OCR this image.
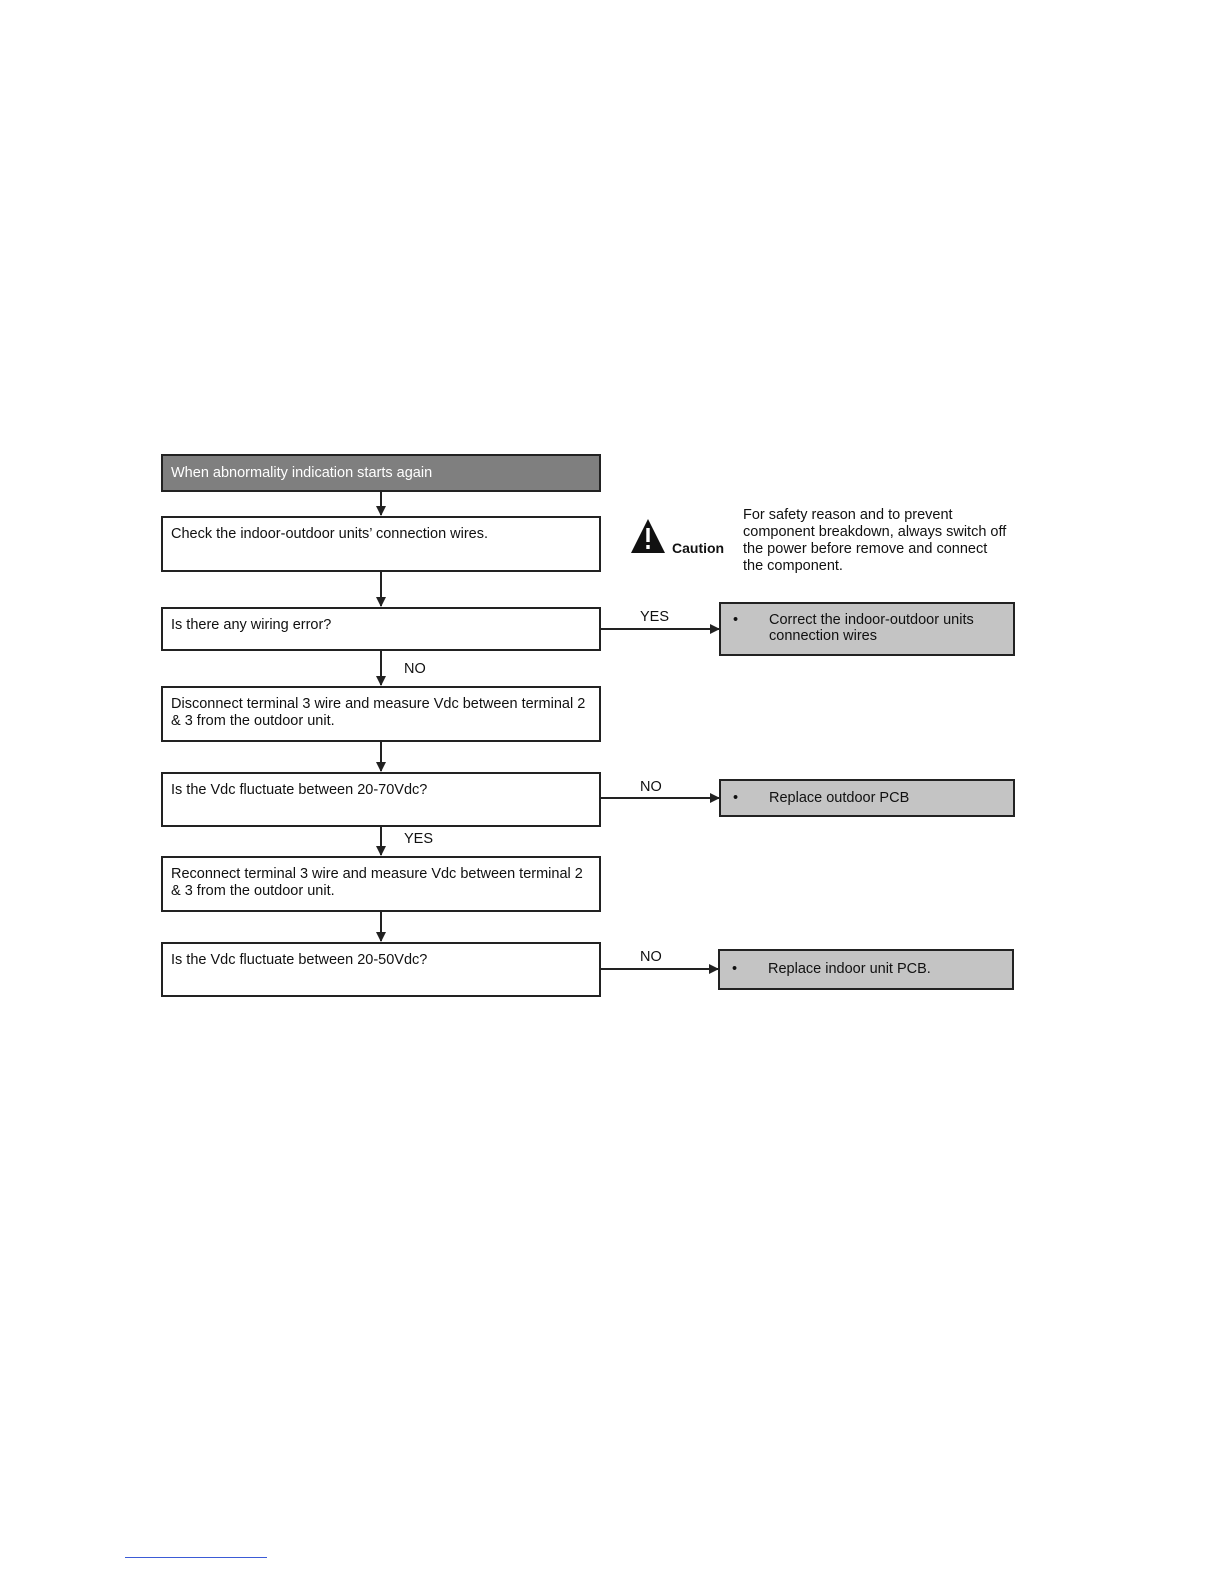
When abnormality indication starts again
Check the indoor-outdoor units’ connection wires.
Is there any wiring error?
Disconnect terminal 3 wire and measure Vdc between terminal 2 & 3 from the outdoor unit.
Is the Vdc fluctuate between 20-70Vdc?
Reconnect terminal 3 wire and measure Vdc between terminal 2 & 3 from the outdoor unit.
Is the Vdc fluctuate between 20-50Vdc?
•	Correct the indoor-outdoor units connection wires
•	Replace outdoor PCB
•	Replace indoor unit PCB.
YES
NO
NO
YES
NO
Caution
For safety reason and to prevent component breakdown, always switch off the power before remove and connect the component.
